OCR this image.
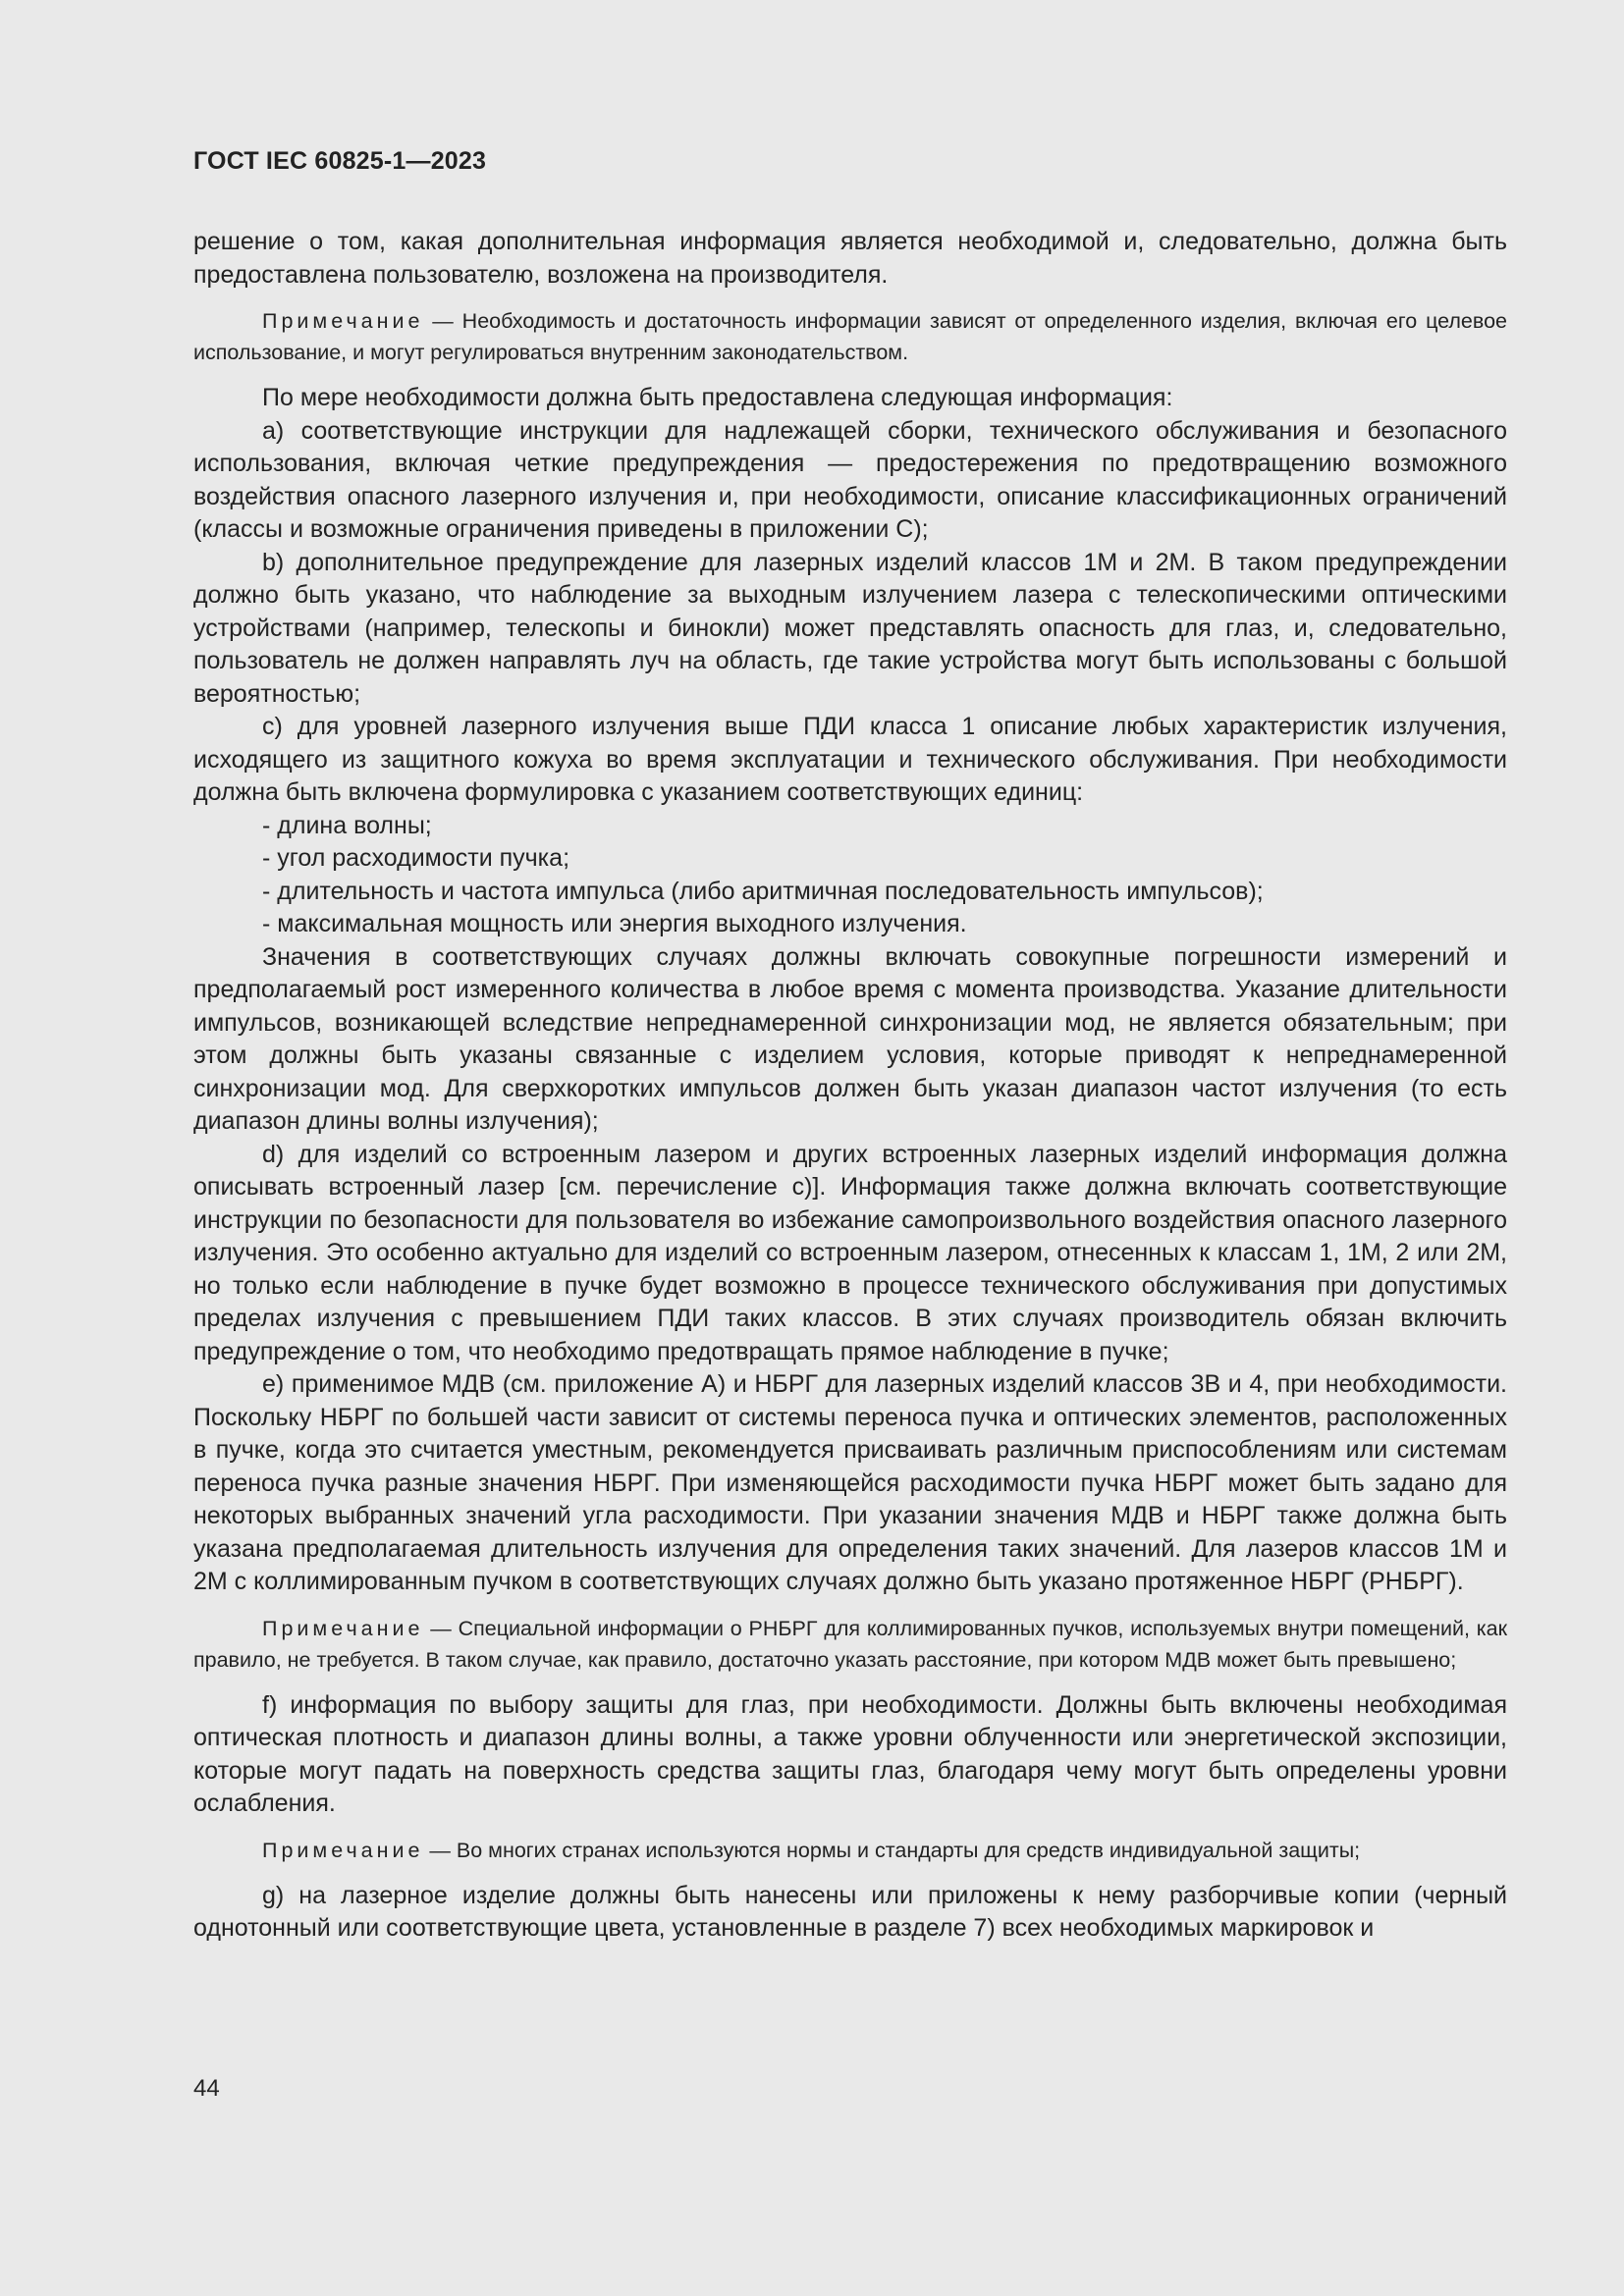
ГОСТ IEC 60825-1—2023

решение о том, какая дополнительная информация является необходимой и, следовательно, должна быть предоставлена пользователю, возложена на производителя.

Примечание — Необходимость и достаточность информации зависят от определенного изделия, включая его целевое использование, и могут регулироваться внутренним законодательством.

По мере необходимости должна быть предоставлена следующая информация:

a) соответствующие инструкции для надлежащей сборки, технического обслуживания и безопасного использования, включая четкие предупреждения — предостережения по предотвращению возможного воздействия опасного лазерного излучения и, при необходимости, описание классификационных ограничений (классы и возможные ограничения приведены в приложении С);

b) дополнительное предупреждение для лазерных изделий классов 1М и 2М. В таком предупреждении должно быть указано, что наблюдение за выходным излучением лазера с телескопическими оптическими устройствами (например, телескопы и бинокли) может представлять опасность для глаз, и, следовательно, пользователь не должен направлять луч на область, где такие устройства могут быть использованы с большой вероятностью;

c) для уровней лазерного излучения выше ПДИ класса 1 описание любых характеристик излучения, исходящего из защитного кожуха во время эксплуатации и технического обслуживания. При необходимости должна быть включена формулировка с указанием соответствующих единиц:

- длина волны;

- угол расходимости пучка;

- длительность и частота импульса (либо аритмичная последовательность импульсов);

- максимальная мощность или энергия выходного излучения.

Значения в соответствующих случаях должны включать совокупные погрешности измерений и предполагаемый рост измеренного количества в любое время с момента производства. Указание длительности импульсов, возникающей вследствие непреднамеренной синхронизации мод, не является обязательным; при этом должны быть указаны связанные с изделием условия, которые приводят к непреднамеренной синхронизации мод. Для сверхкоротких импульсов должен быть указан диапазон частот излучения (то есть диапазон длины волны излучения);

d) для изделий со встроенным лазером и других встроенных лазерных изделий информация должна описывать встроенный лазер [см. перечисление с)]. Информация также должна включать соответствующие инструкции по безопасности для пользователя во избежание самопроизвольного воздействия опасного лазерного излучения. Это особенно актуально для изделий со встроенным лазером, отнесенных к классам 1, 1М, 2 или 2М, но только если наблюдение в пучке будет возможно в процессе технического обслуживания при допустимых пределах излучения с превышением ПДИ таких классов. В этих случаях производитель обязан включить предупреждение о том, что необходимо предотвращать прямое наблюдение в пучке;

e) применимое МДВ (см. приложение А) и НБРГ для лазерных изделий классов 3В и 4, при необходимости. Поскольку НБРГ по большей части зависит от системы переноса пучка и оптических элементов, расположенных в пучке, когда это считается уместным, рекомендуется присваивать различным приспособлениям или системам переноса пучка разные значения НБРГ. При изменяющейся расходимости пучка НБРГ может быть задано для некоторых выбранных значений угла расходимости. При указании значения МДВ и НБРГ также должна быть указана предполагаемая длительность излучения для определения таких значений. Для лазеров классов 1М и 2М с коллимированным пучком в соответствующих случаях должно быть указано протяженное НБРГ (РНБРГ).

Примечание — Специальной информации о РНБРГ для коллимированных пучков, используемых внутри помещений, как правило, не требуется. В таком случае, как правило, достаточно указать расстояние, при котором МДВ может быть превышено;

f) информация по выбору защиты для глаз, при необходимости. Должны быть включены необходимая оптическая плотность и диапазон длины волны, а также уровни облученности или энергетической экспозиции, которые могут падать на поверхность средства защиты глаз, благодаря чему могут быть определены уровни ослабления.

Примечание — Во многих странах используются нормы и стандарты для средств индивидуальной защиты;

g) на лазерное изделие должны быть нанесены или приложены к нему разборчивые копии (черный однотонный или соответствующие цвета, установленные в разделе 7) всех необходимых маркировок и

44
